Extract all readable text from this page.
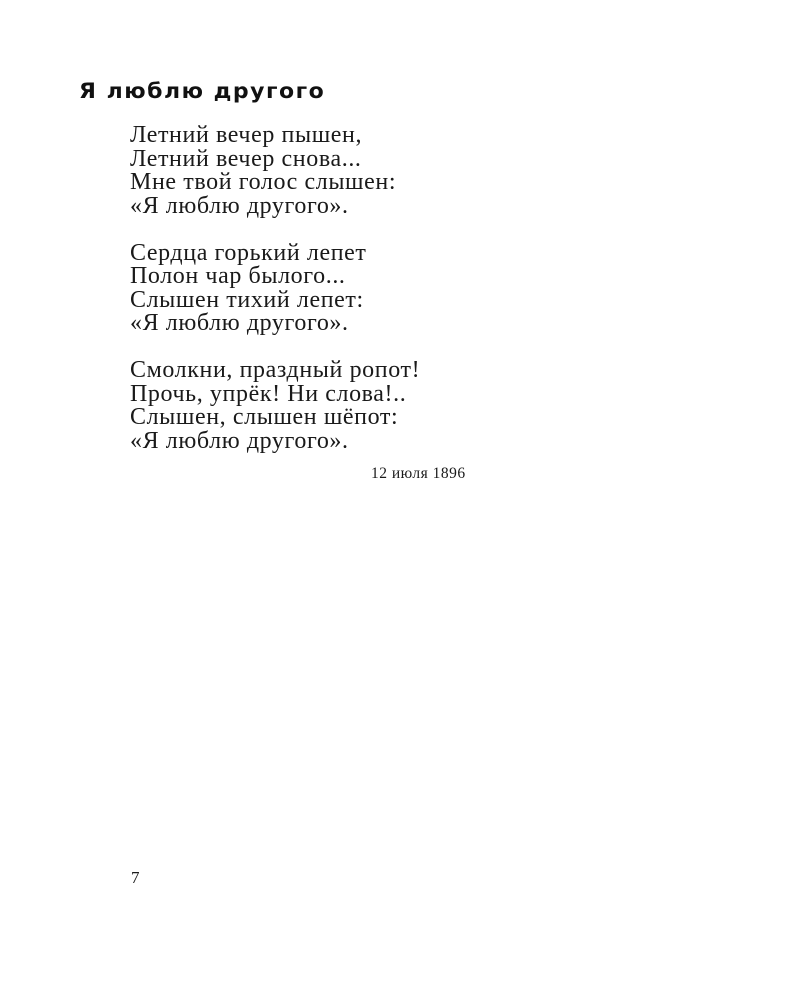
Я люблю другого
Летний вечер пышен,
Летний вечер снова...
Мне твой голос слышен:
«Я люблю другого».
Сердца горький лепет
Полон чар былого...
Слышен тихий лепет:
«Я люблю другого».
Смолкни, праздный ропот!
Прочь, упрёк! Ни слова!..
Слышен, слышен шёпот:
«Я люблю другого».
12 июля 1896
7
